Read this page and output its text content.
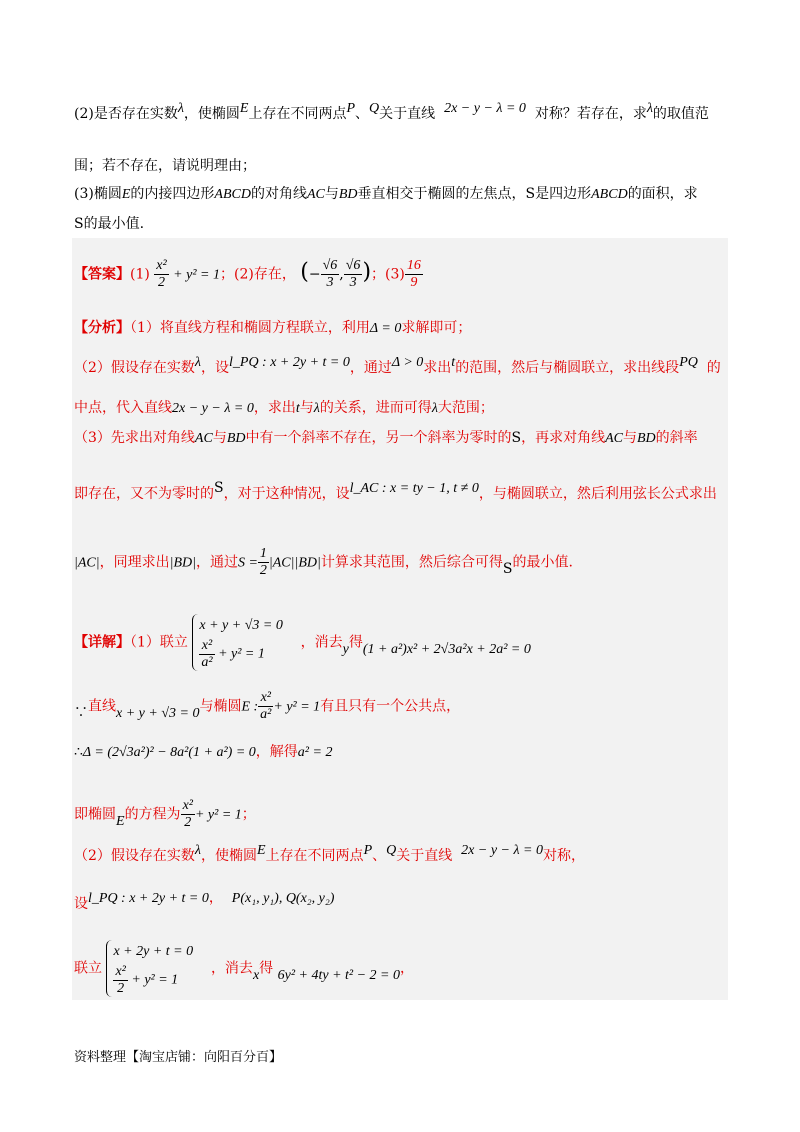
(2)是否存在实数λ，使椭圆E上存在不同两点P、Q关于直线 2x − y − λ = 0 对称？若存在，求λ的取值范
围；若不存在，请说明理由；
(3)椭圆E的内接四边形ABCD的对角线AC与BD垂直相交于椭圆的左焦点，S是四边形ABCD的面积，求
S的最小值.
【答案】$(1) \frac{\text{x²}}{2} + y^2 = 1$；(2)存在， (− $\frac{√6}{3}$ , $\frac{√6}{3}$ )；$(3) \frac{16}{9}$
【分析】（1）将直线方程和椭圆方程联立，利用Δ = 0求解即可；
（2）假设存在实数λ，设l_PQ : x + 2y + t = 0，通过Δ > 0求出t的范围，然后与椭圆联立，求出线段PQ 的
中点，代入直线2x − y − λ = 0，求出t与λ的关系，进而可得λ大范围；
（3）先求出对角线AC与BD中有一个斜率不存在，另一个斜率为零时的S，再求对角线AC与BD的斜率
即存在，又不为零时的S，对于这种情况，设l_AC : x = ty − 1, t ≠ 0，与椭圆联立，然后利用弦长公式求出
|AC|，同理求出|BD|，通过$S = \frac{1}{2} |AC||BD|$计算求其范围，然后综合可得S的最小值.
【详解】（1）联立
x + y + √3 = 0
$\frac{\text{x²}}{\text{a²}} + y^2 = 1$
，消去y得(1 + a²)x² + 2√3a²x + 2a² = 0
∵直线x + y + √3 = 0与椭圆E : $\frac{\text{x²}}{\text{a²}} + y^2 = 1$有且只有一个公共点，
∴Δ = (2√3a²)² − 8a²(1 + a²) = 0，解得a² = 2
即椭圆E的方程为 $\frac{\text{x²}}{2} + y^2 = 1$；
（2）假设存在实数λ，使椭圆E上存在不同两点P、Q关于直线 2x − y − λ = 0对称，
设l_PQ : x + 2y + t = 0， P(x₁, y₁), Q(x₂, y₂)
联立
x + 2y + t = 0
$\frac{\text{x²}}{2} + y^2 = 1$
，消去x得 6y² + 4ty + t² − 2 = 0，
资料整理【淘宝店铺：向阳百分百】
